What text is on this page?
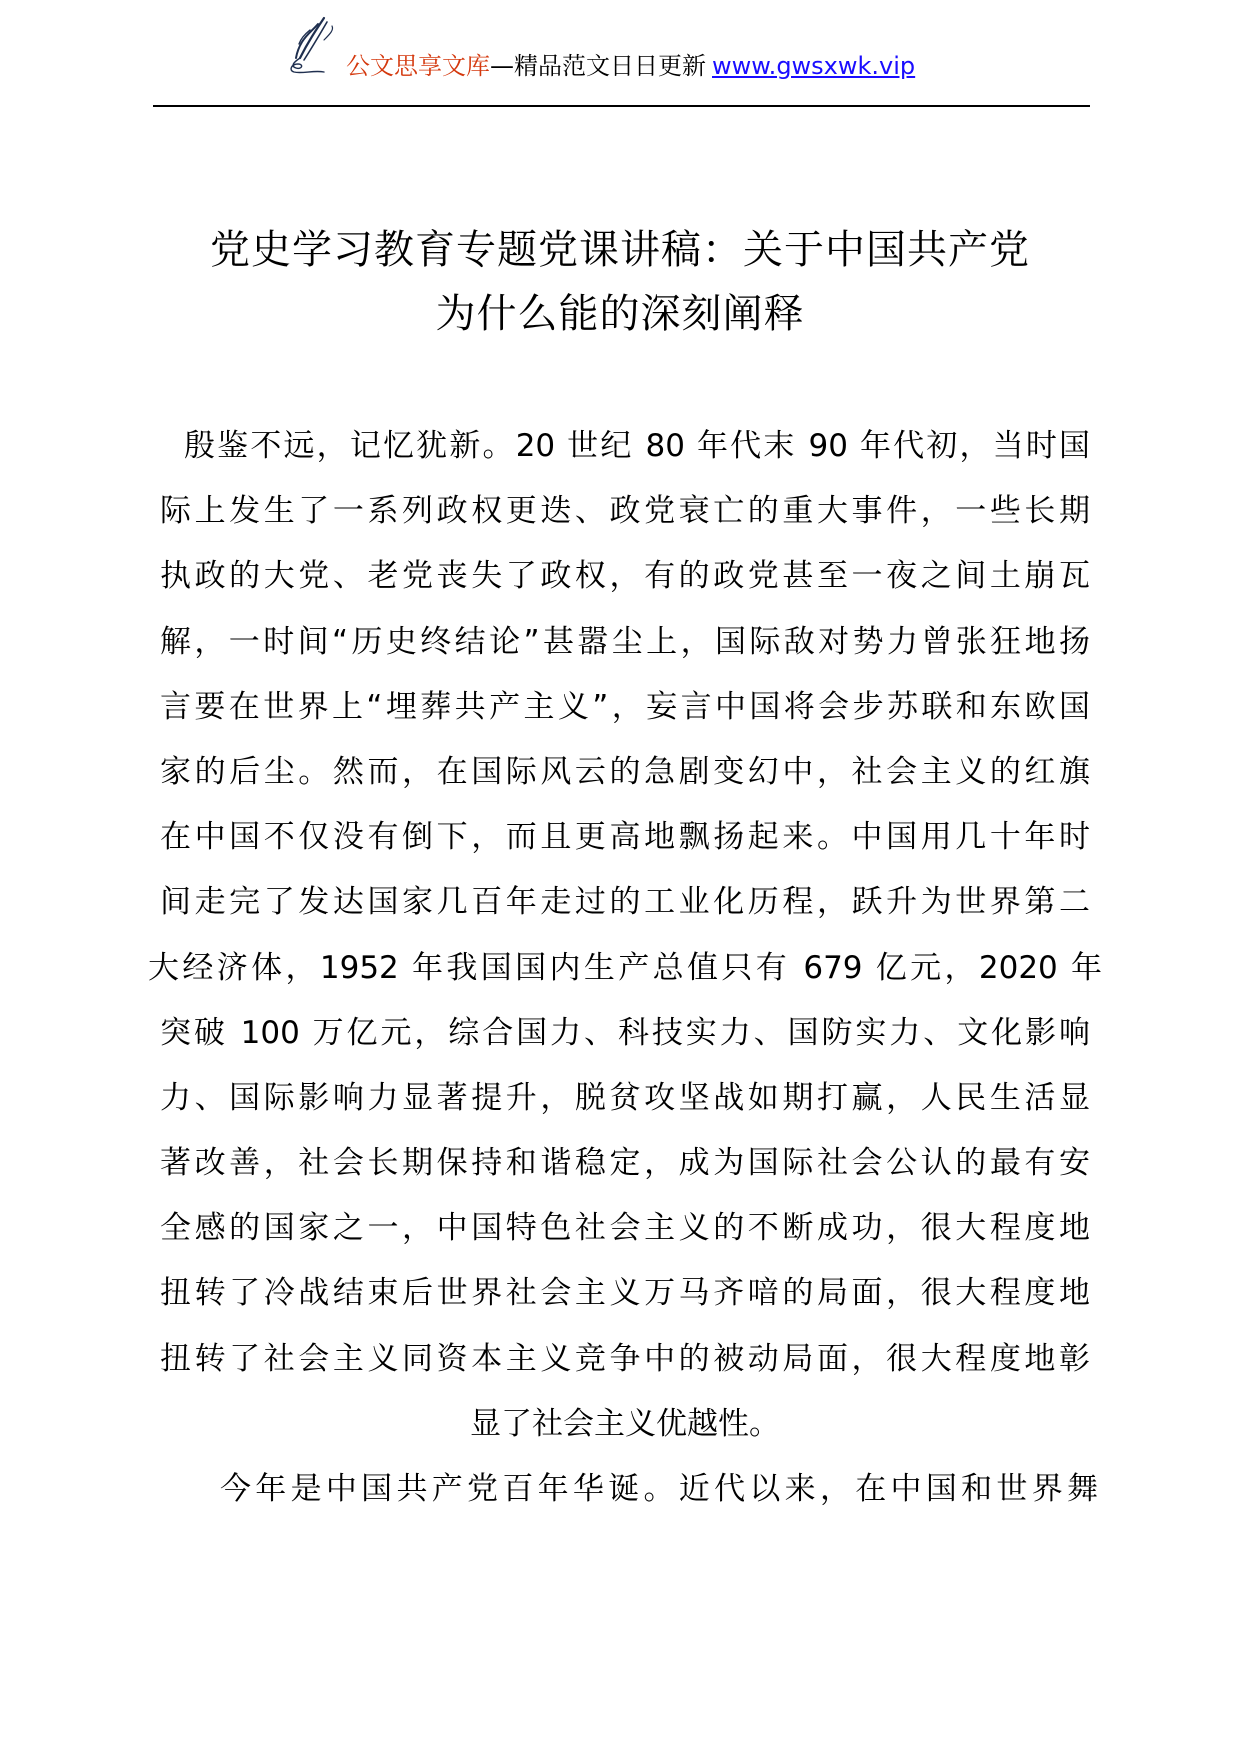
公文思享文库—精品范文日日更新 www.gwsxwk.vip
党史学习教育专题党课讲稿：关于中国共产党
为什么能的深刻阐释
殷鉴不远，记忆犹新。20 世纪 80 年代末 90 年代初，当时国
际上发生了一系列政权更迭、政党衰亡的重大事件，一些长期
执政的大党、老党丧失了政权，有的政党甚至一夜之间土崩瓦
解，一时间“历史终结论”甚嚣尘上，国际敌对势力曾张狂地扬
言要在世界上“埋葬共产主义”，妄言中国将会步苏联和东欧国
家的后尘。然而，在国际风云的急剧变幻中，社会主义的红旗
在中国不仅没有倒下，而且更高地飘扬起来。中国用几十年时
间走完了发达国家几百年走过的工业化历程，跃升为世界第二
大经济体，1952 年我国国内生产总值只有 679 亿元，2020 年
突破 100 万亿元，综合国力、科技实力、国防实力、文化影响
力、国际影响力显著提升，脱贫攻坚战如期打赢，人民生活显
著改善，社会长期保持和谐稳定，成为国际社会公认的最有安
全感的国家之一，中国特色社会主义的不断成功，很大程度地
扭转了冷战结束后世界社会主义万马齐喑的局面，很大程度地
扭转了社会主义同资本主义竞争中的被动局面，很大程度地彰
显了社会主义优越性。
今年是中国共产党百年华诞。近代以来，在中国和世界舞
